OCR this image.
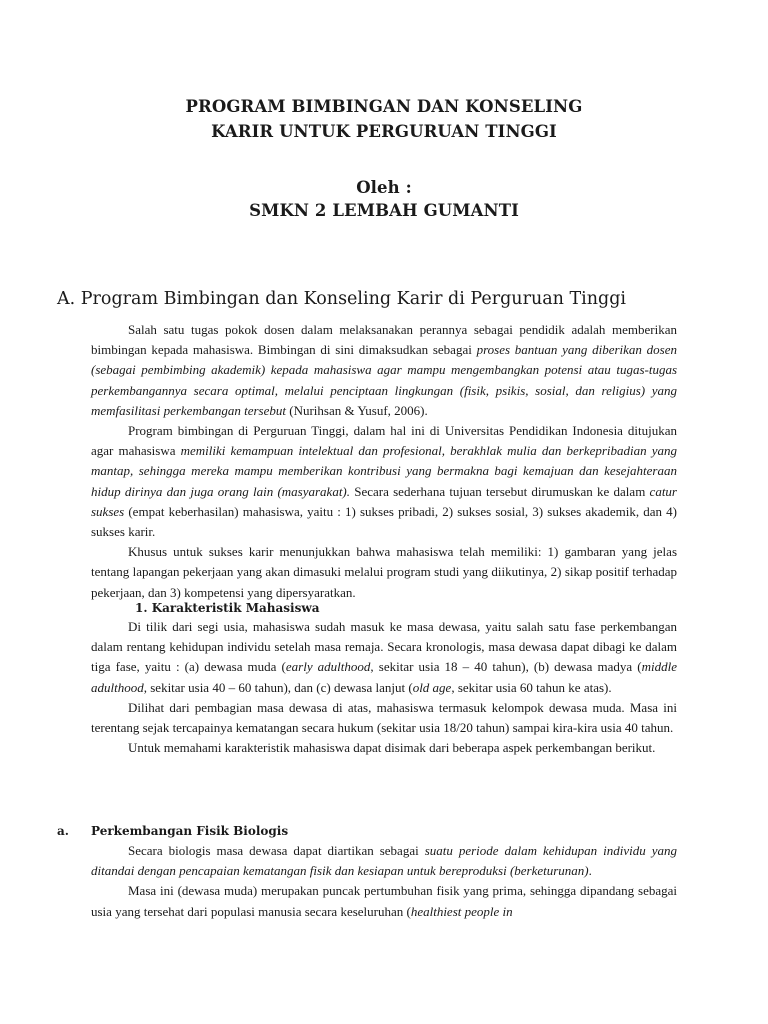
PROGRAM BIMBINGAN DAN KONSELING
KARIR UNTUK PERGURUAN TINGGI
Oleh :
SMKN 2 LEMBAH GUMANTI
A. Program Bimbingan dan Konseling Karir di Perguruan Tinggi

Salah satu tugas pokok dosen dalam melaksanakan perannya sebagai pendidik adalah memberikan bimbingan kepada mahasiswa. Bimbingan di sini dimaksudkan sebagai proses bantuan yang diberikan dosen (sebagai pembimbing akademik) kepada mahasiswa agar mampu mengembangkan potensi atau tugas-tugas perkembangannya secara optimal, melalui penciptaan lingkungan (fisik, psikis, sosial, dan religius) yang memfasilitasi perkembangan tersebut (Nurihsan & Yusuf, 2006).

Program bimbingan di Perguruan Tinggi, dalam hal ini di Universitas Pendidikan Indonesia ditujukan agar mahasiswa memiliki kemampuan intelektual dan profesional, berakhlak mulia dan berkepribadian yang mantap, sehingga mereka mampu memberikan kontribusi yang bermakna bagi kemajuan dan kesejahteraan hidup dirinya dan juga orang lain (masyarakat). Secara sederhana tujuan tersebut dirumuskan ke dalam catur sukses (empat keberhasilan) mahasiswa, yaitu : 1) sukses pribadi, 2) sukses sosial, 3) sukses akademik, dan 4) sukses karir.

Khusus untuk sukses karir menunjukkan bahwa mahasiswa telah memiliki: 1) gambaran yang jelas tentang lapangan pekerjaan yang akan dimasuki melalui program studi yang diikutinya, 2) sikap positif terhadap pekerjaan, dan 3) kompetensi yang dipersyaratkan.

1. Karakteristik Mahasiswa

Di tilik dari segi usia, mahasiswa sudah masuk ke masa dewasa, yaitu salah satu fase perkembangan dalam rentang kehidupan individu setelah masa remaja. Secara kronologis, masa dewasa dapat dibagi ke dalam tiga fase, yaitu : (a) dewasa muda (early adulthood, sekitar usia 18 – 40 tahun), (b) dewasa madya (middle adulthood, sekitar usia 40 – 60 tahun), dan (c) dewasa lanjut (old age, sekitar usia 60 tahun ke atas).

Dilihat dari pembagian masa dewasa di atas, mahasiswa termasuk kelompok dewasa muda. Masa ini terentang sejak tercapainya kematangan secara hukum (sekitar usia 18/20 tahun) sampai kira-kira usia 40 tahun.

Untuk memahami karakteristik mahasiswa dapat disimak dari beberapa aspek perkembangan berikut.

a. Perkembangan Fisik Biologis

Secara biologis masa dewasa dapat diartikan sebagai suatu periode dalam kehidupan individu yang ditandai dengan pencapaian kematangan fisik dan kesiapan untuk bereproduksi (berketurunan).

Masa ini (dewasa muda) merupakan puncak pertumbuhan fisik yang prima, sehingga dipandang sebagai usia yang tersehat dari populasi manusia secara keseluruhan (healthiest people in
